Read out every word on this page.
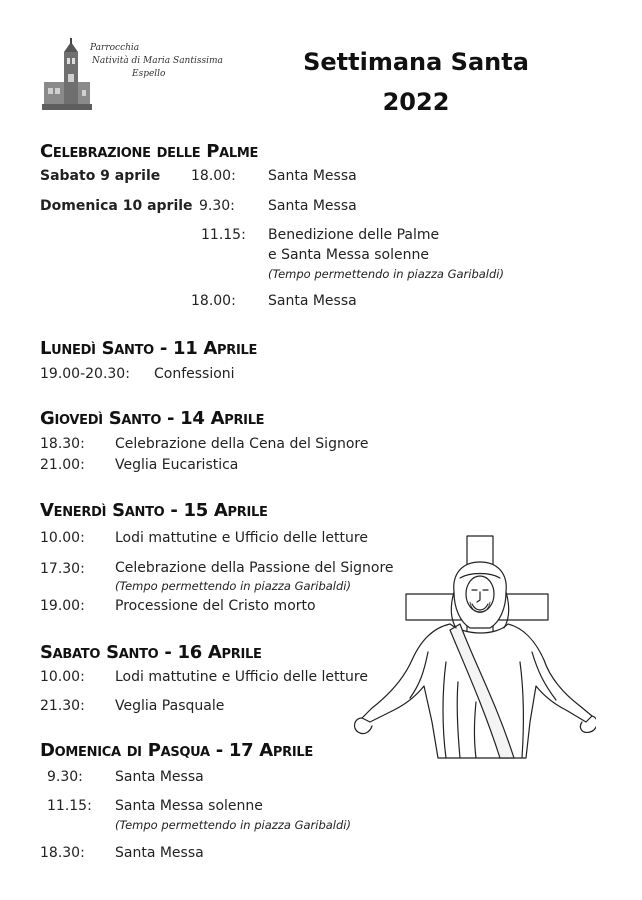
Parrocchia
Natività di Maria Santissima
Espello	Settimana Santa
2022
Celebrazione delle Palme
Sabato 9 aprile 18.00: Santa Messa
Domenica 10 aprile 9.30: Santa Messa
11.15: Benedizione delle Palme
e Santa Messa solenne
(Tempo permettendo in piazza Garibaldi)
18.00: Santa Messa
Lunedì Santo - 11 Aprile
19.00-20.30: Confessioni
Giovedì Santo - 14 Aprile
18.30: Celebrazione della Cena del Signore
21.00: Veglia Eucaristica
Venerdì Santo - 15 Aprile
10.00: Lodi mattutine e Ufficio delle letture
17.30: Celebrazione della Passione del Signore
(Tempo permettendo in piazza Garibaldi)
19.00: Processione del Cristo morto
Sabato Santo - 16 Aprile
10.00: Lodi mattutine e Ufficio delle letture
21.30: Veglia Pasquale
Domenica di Pasqua - 17 Aprile
9.30: Santa Messa
11.15: Santa Messa solenne
(Tempo permettendo in piazza Garibaldi)
18.30: Santa Messa
